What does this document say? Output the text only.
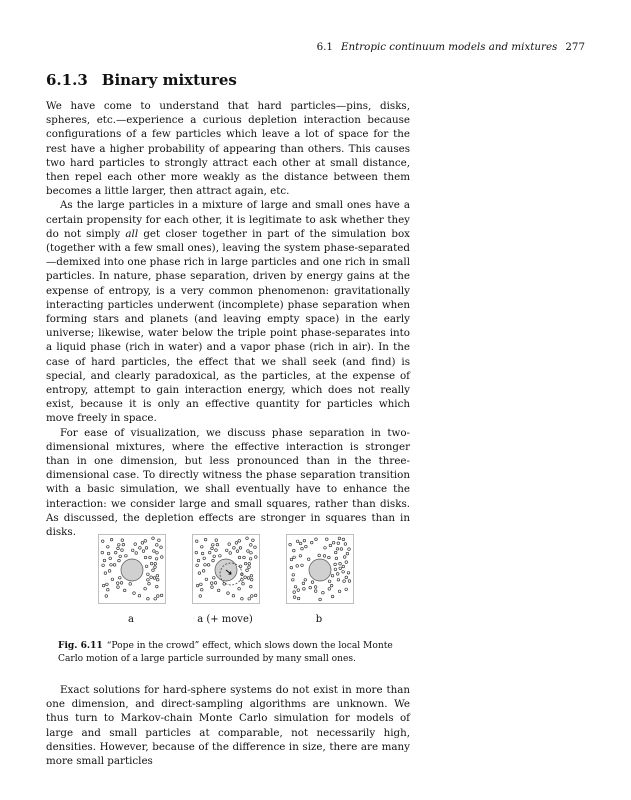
6.1 Entropic continuum models and mixtures 277
6.1.3 Binary mixtures

We have come to understand that hard particles—pins, disks, spheres, etc.—experience a curious depletion interaction because configurations of a few particles which leave a lot of space for the rest have a higher probability of appearing than others. This causes two hard particles to strongly attract each other at small distance, then repel each other more weakly as the distance between them becomes a little larger, then attract again, etc.

As the large particles in a mixture of large and small ones have a certain propensity for each other, it is legitimate to ask whether they do not simply all get closer together in part of the simulation box (together with a few small ones), leaving the system phase-separated—demixed into one phase rich in large particles and one rich in small particles. In nature, phase separation, driven by energy gains at the expense of entropy, is a very common phenomenon: gravitationally interacting particles underwent (incomplete) phase separation when forming stars and planets (and leaving empty space) in the early universe; likewise, water below the triple point phase-separates into a liquid phase (rich in water) and a vapor phase (rich in air). In the case of hard particles, the effect that we shall seek (and find) is special, and clearly paradoxical, as the particles, at the expense of entropy, attempt to gain interaction energy, which does not really exist, because it is only an effective quantity for particles which move freely in space.

For ease of visualization, we discuss phase separation in two-dimensional mixtures, where the effective interaction is stronger than in one dimension, but less pronounced than in the three-dimensional case. To directly witness the phase separation transition with a basic simulation, we shall eventually have to enhance the interaction: we consider large and small squares, rather than disks. As discussed, the depletion effects are stronger in squares than in disks.

a	a (+ move)	b
Fig. 6.11 “Pope in the crowd” effect, which slows down the local Monte Carlo motion of a large particle surrounded by many small ones.

Exact solutions for hard-sphere systems do not exist in more than one dimension, and direct-sampling algorithms are unknown. We thus turn to Markov-chain Monte Carlo simulation for models of large and small particles at comparable, not necessarily high, densities. However, because of the difference in size, there are many more small particles
